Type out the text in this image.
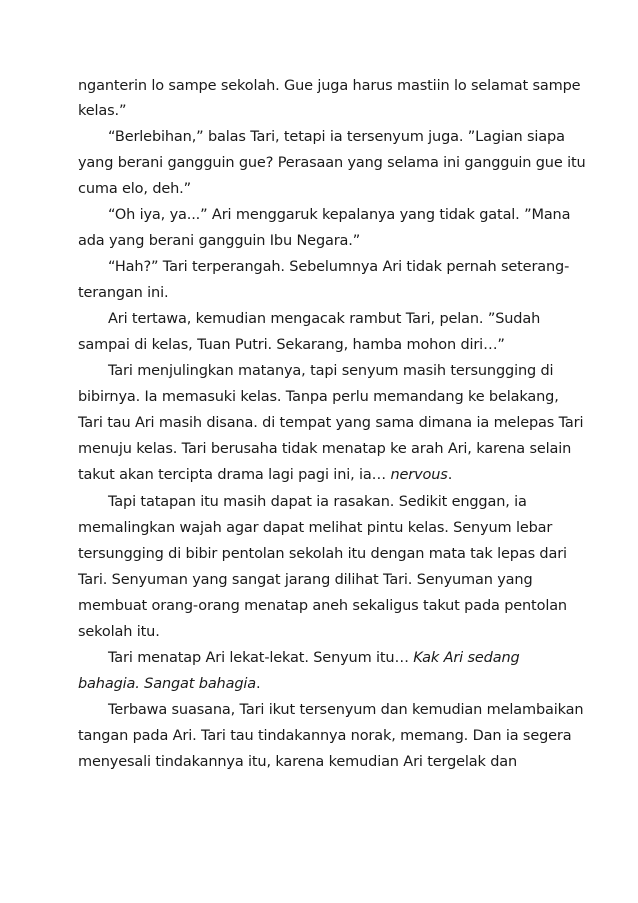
nganterin lo sampe sekolah. Gue juga harus mastiin lo selamat sampe
kelas.”
“Berlebihan,” balas Tari, tetapi ia tersenyum juga. ”Lagian siapa
yang berani gangguin gue? Perasaan yang selama ini gangguin gue itu
cuma elo, deh.”
“Oh iya, ya...” Ari menggaruk kepalanya yang tidak gatal. ”Mana
ada yang berani gangguin Ibu Negara.”
“Hah?” Tari terperangah. Sebelumnya Ari tidak pernah seterang-
terangan ini.
Ari tertawa, kemudian mengacak rambut Tari, pelan. ”Sudah
sampai di kelas, Tuan Putri. Sekarang, hamba mohon diri…”
Tari menjulingkan matanya, tapi senyum masih tersungging di
bibirnya. Ia memasuki kelas. Tanpa perlu memandang ke belakang,
Tari tau Ari masih disana. di tempat yang sama dimana ia melepas Tari
menuju kelas. Tari berusaha tidak menatap ke arah Ari, karena selain
takut akan tercipta drama lagi pagi ini, ia… nervous.
Tapi tatapan itu masih dapat ia rasakan. Sedikit enggan, ia
memalingkan wajah agar dapat melihat pintu kelas. Senyum lebar
tersungging di bibir pentolan sekolah itu dengan mata tak lepas dari
Tari. Senyuman yang sangat jarang dilihat Tari. Senyuman yang
membuat orang-orang menatap aneh sekaligus takut pada pentolan
sekolah itu.
Tari menatap Ari lekat-lekat. Senyum itu… Kak Ari sedang
bahagia. Sangat bahagia.
Terbawa suasana, Tari ikut tersenyum dan kemudian melambaikan
tangan pada Ari. Tari tau tindakannya norak, memang. Dan ia segera
menyesali tindakannya itu, karena kemudian Ari tergelak dan
